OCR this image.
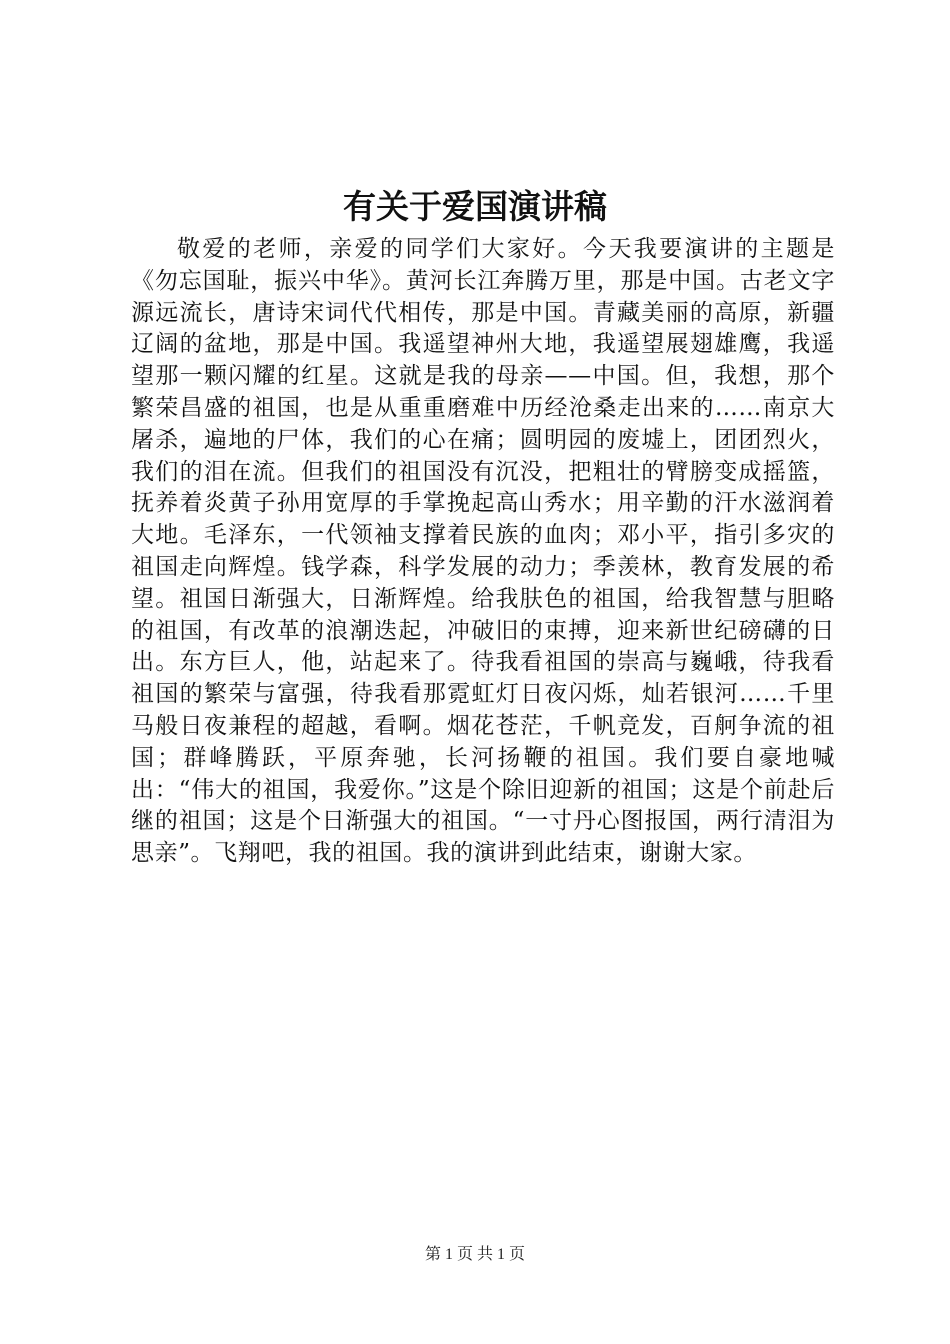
有关于爱国演讲稿

敬爱的老师，亲爱的同学们大家好。今天我要演讲的主题是《勿忘国耻，振兴中华》。黄河长江奔腾万里，那是中国。古老文字源远流长，唐诗宋词代代相传，那是中国。青藏美丽的高原，新疆辽阔的盆地，那是中国。我遥望神州大地，我遥望展翅雄鹰，我遥望那一颗闪耀的红星。这就是我的母亲——中国。但，我想，那个繁荣昌盛的祖国，也是从重重磨难中历经沧桑走出来的……南京大屠杀，遍地的尸体，我们的心在痛；圆明园的废墟上，团团烈火，我们的泪在流。但我们的祖国没有沉没，把粗壮的臂膀变成摇篮，抚养着炎黄子孙用宽厚的手掌挽起高山秀水；用辛勤的汗水滋润着大地。毛泽东，一代领袖支撑着民族的血肉；邓小平，指引多灾的祖国走向辉煌。钱学森，科学发展的动力；季羡林，教育发展的希望。祖国日渐强大，日渐辉煌。给我肤色的祖国，给我智慧与胆略的祖国，有改革的浪潮迭起，冲破旧的束搏，迎来新世纪磅礴的日出。东方巨人，他，站起来了。待我看祖国的崇高与巍峨，待我看祖国的繁荣与富强，待我看那霓虹灯日夜闪烁，灿若银河……千里马般日夜兼程的超越，看啊。烟花苍茫，千帆竞发，百舸争流的祖国；群峰腾跃，平原奔驰，长河扬鞭的祖国。我们要自豪地喊出：“伟大的祖国，我爱你。”这是个除旧迎新的祖国；这是个前赴后继的祖国；这是个日渐强大的祖国。“一寸丹心图报国，两行清泪为思亲”。飞翔吧，我的祖国。我的演讲到此结束，谢谢大家。

第 1 页 共 1 页
